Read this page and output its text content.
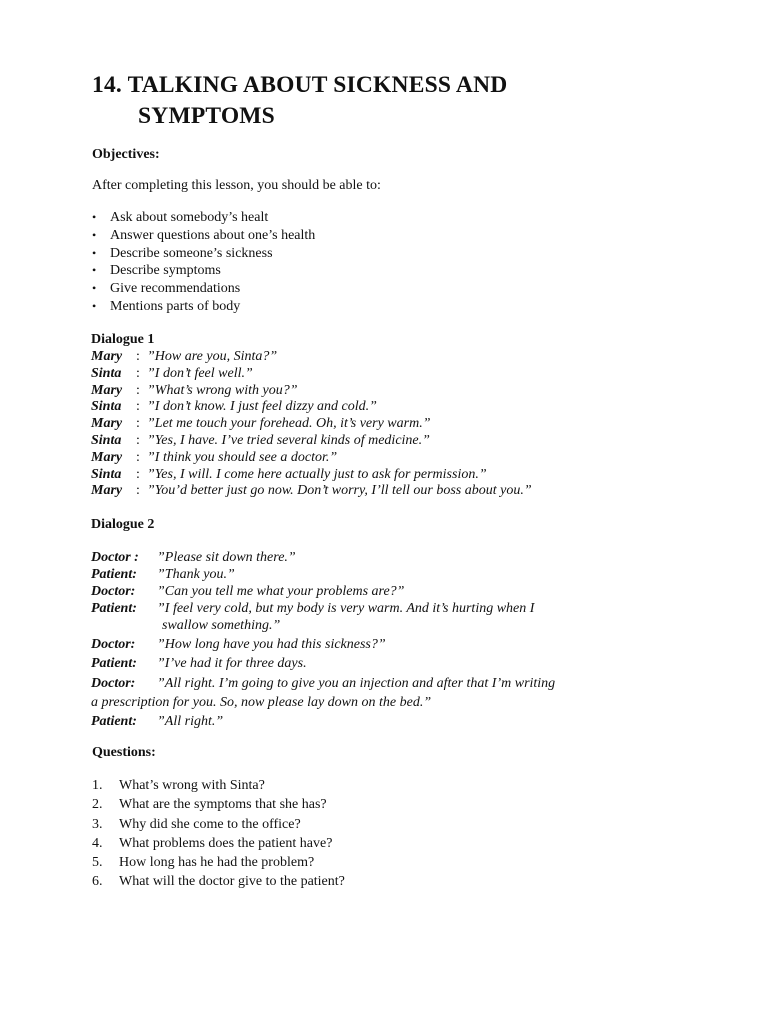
14. TALKING ABOUT SICKNESS AND
SYMPTOMS

Objectives:

After completing this lesson, you should be able to:

• Ask about somebody’s healt
• Answer questions about one’s health
• Describe someone’s sickness
• Describe symptoms
• Give recommendations
• Mentions parts of body

Dialogue 1

Mary : ”How are you, Sinta?”
Sinta : ”I don’t feel well.”
Mary : ”What’s wrong with you?”
Sinta : ”I don’t know. I just feel dizzy and cold.”
Mary : ”Let me touch your forehead. Oh, it’s very warm.”
Sinta : ”Yes, I have. I’ve tried several kinds of medicine.”
Mary : ”I think you should see a doctor.”
Sinta : ”Yes, I will. I come here actually just to ask for permission.”
Mary : ”You’d better just go now. Don’t worry, I’ll tell our boss about you.”

Dialogue 2

Doctor : ”Please sit down there.”
Patient: ”Thank you.”
Doctor: ”Can you tell me what your problems are?”
Patient: ”I feel very cold, but my body is very warm. And it’s hurting when I
swallow something.”
Doctor: ”How long have you had this sickness?”
Patient: ”I’ve had it for three days.
Doctor: ”All right. I’m going to give you an injection and after that I’m writing
a prescription for you. So, now please lay down on the bed.”
Patient: ”All right.”

Questions:

1. What’s wrong with Sinta?
2. What are the symptoms that she has?
3. Why did she come to the office?
4. What problems does the patient have?
5. How long has he had the problem?
6. What will the doctor give to the patient?
